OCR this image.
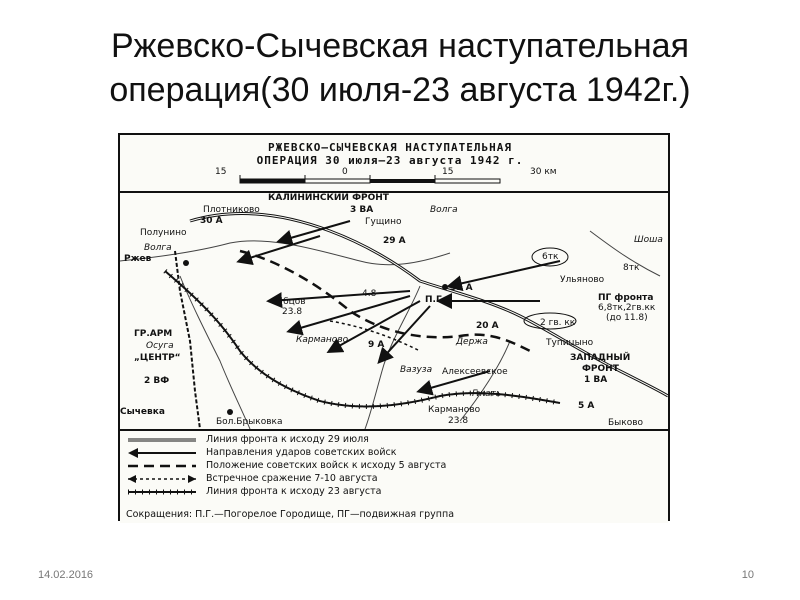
Ржевско-Сычевская наступательная
операция(30 июля-23 августа 1942г.)
РЖЕВСКО–СЫЧЕВСКАЯ НАСТУПАТЕЛЬНАЯ
ОПЕРАЦИЯ 30 июля–23 августа 1942 г.
15	0	15	30 км
КАЛИНИНСКИЙ ФРОНТ
3 ВА
Плотниково
30 А	Гущино
Волга
Полунино
29 А
Волга
Ржев	6тк
8тк
Ульяново
Шоша
31 А
Зубцов
23.8
4.8
П.Г.	ПГ фронта
6,8тк,2гв.кк
(до 11.8)
ГР.АРМ
„ЦЕНТР“
Осуга
Карманово
20 А	2 гв. кк
9 А	Тупицыно
Держа
ЗАПАДНЫЙ
ФРОНТ
1 ВА
2 ВФ
Вазуза Алексеевское
Сычевка
Бол.Брыковка
Карманово
23.8
Гжать
5 А
Быково
Линия фронта к исходу 29 июля
Направления ударов советских войск
Положение советских войск к исходу 5 августа
Встречное сражение 7-10 августа
Линия фронта к исходу 23 августа
Сокращения: П.Г.—Погорелое Городище, ПГ—подвижная группа
14.02.2016	10
